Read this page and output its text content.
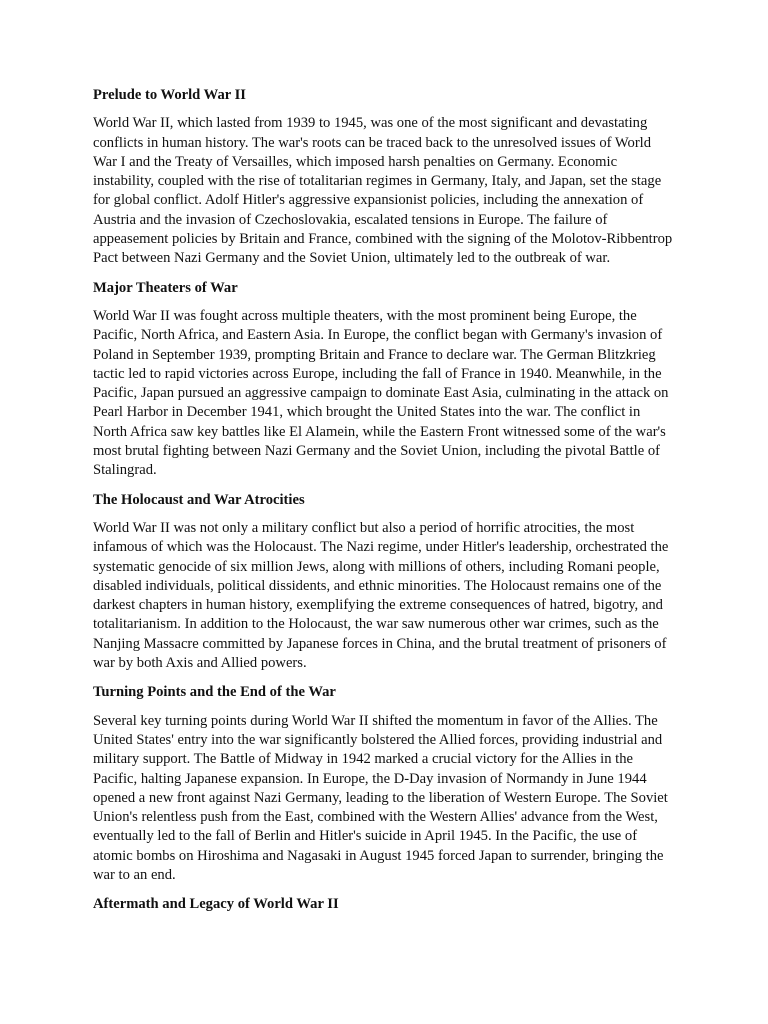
Prelude to World War II

World War II, which lasted from 1939 to 1945, was one of the most significant and devastating conflicts in human history. The war's roots can be traced back to the unresolved issues of World War I and the Treaty of Versailles, which imposed harsh penalties on Germany. Economic instability, coupled with the rise of totalitarian regimes in Germany, Italy, and Japan, set the stage for global conflict. Adolf Hitler's aggressive expansionist policies, including the annexation of Austria and the invasion of Czechoslovakia, escalated tensions in Europe. The failure of appeasement policies by Britain and France, combined with the signing of the Molotov-Ribbentrop Pact between Nazi Germany and the Soviet Union, ultimately led to the outbreak of war.

Major Theaters of War

World War II was fought across multiple theaters, with the most prominent being Europe, the Pacific, North Africa, and Eastern Asia. In Europe, the conflict began with Germany's invasion of Poland in September 1939, prompting Britain and France to declare war. The German Blitzkrieg tactic led to rapid victories across Europe, including the fall of France in 1940. Meanwhile, in the Pacific, Japan pursued an aggressive campaign to dominate East Asia, culminating in the attack on Pearl Harbor in December 1941, which brought the United States into the war. The conflict in North Africa saw key battles like El Alamein, while the Eastern Front witnessed some of the war's most brutal fighting between Nazi Germany and the Soviet Union, including the pivotal Battle of Stalingrad.

The Holocaust and War Atrocities

World War II was not only a military conflict but also a period of horrific atrocities, the most infamous of which was the Holocaust. The Nazi regime, under Hitler's leadership, orchestrated the systematic genocide of six million Jews, along with millions of others, including Romani people, disabled individuals, political dissidents, and ethnic minorities. The Holocaust remains one of the darkest chapters in human history, exemplifying the extreme consequences of hatred, bigotry, and totalitarianism. In addition to the Holocaust, the war saw numerous other war crimes, such as the Nanjing Massacre committed by Japanese forces in China, and the brutal treatment of prisoners of war by both Axis and Allied powers.

Turning Points and the End of the War

Several key turning points during World War II shifted the momentum in favor of the Allies. The United States' entry into the war significantly bolstered the Allied forces, providing industrial and military support. The Battle of Midway in 1942 marked a crucial victory for the Allies in the Pacific, halting Japanese expansion. In Europe, the D-Day invasion of Normandy in June 1944 opened a new front against Nazi Germany, leading to the liberation of Western Europe. The Soviet Union's relentless push from the East, combined with the Western Allies' advance from the West, eventually led to the fall of Berlin and Hitler's suicide in April 1945. In the Pacific, the use of atomic bombs on Hiroshima and Nagasaki in August 1945 forced Japan to surrender, bringing the war to an end.

Aftermath and Legacy of World War II
